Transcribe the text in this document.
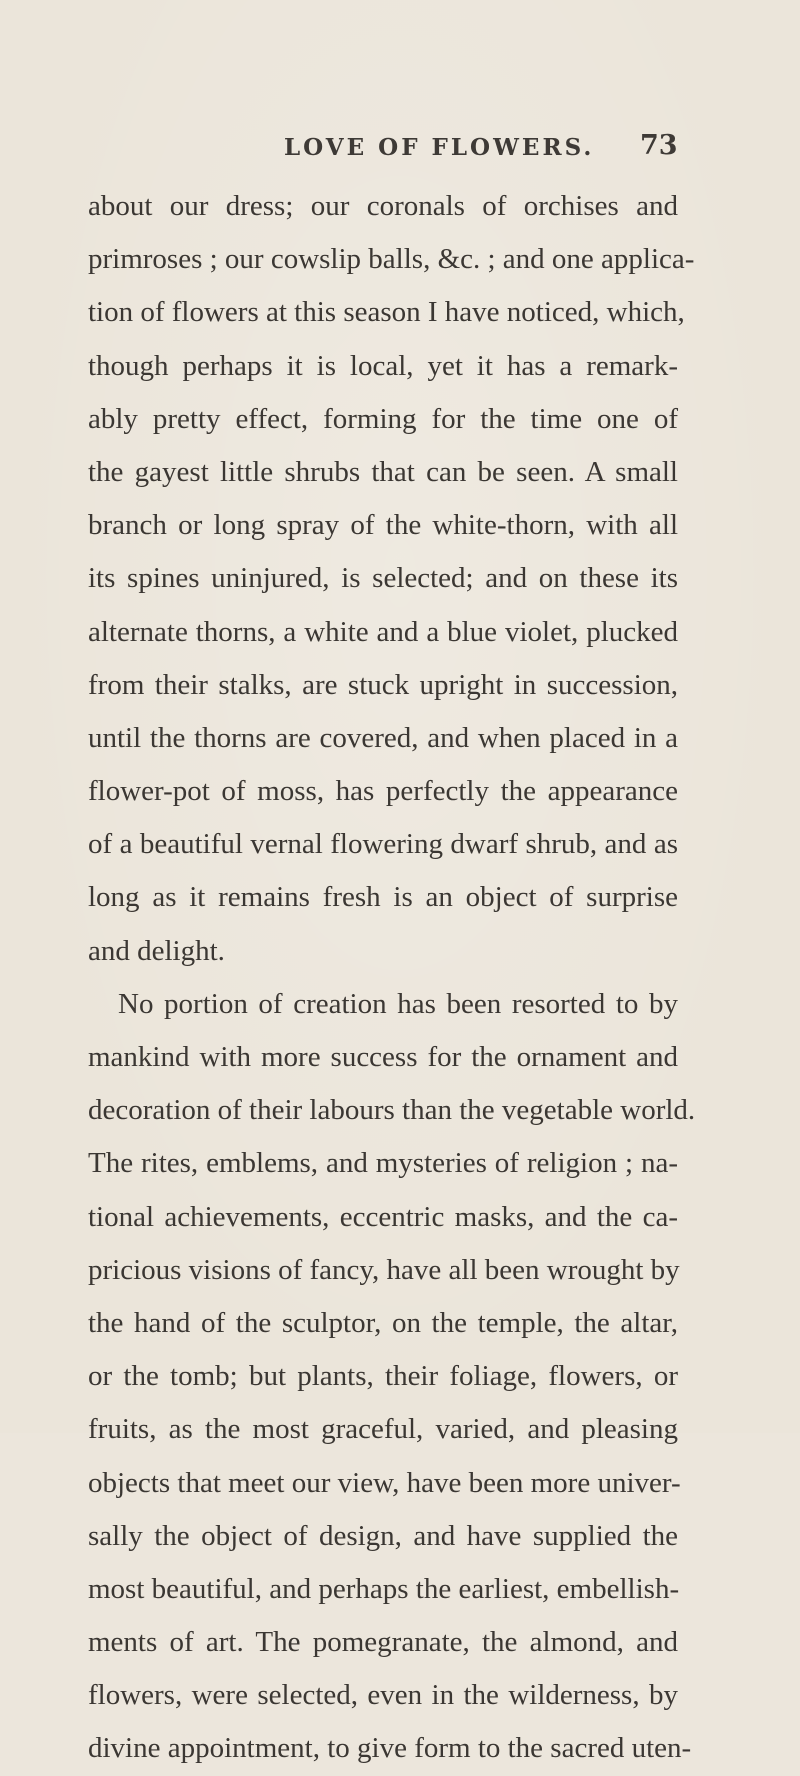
LOVE OF FLOWERS. 73
about our dress; our coronals of orchises and
primroses ; our cowslip balls, &c. ; and one applica-
tion of flowers at this season I have noticed, which,
though perhaps it is local, yet it has a remark-
ably pretty effect, forming for the time one of
the gayest little shrubs that can be seen. A small
branch or long spray of the white-thorn, with all
its spines uninjured, is selected; and on these its
alternate thorns, a white and a blue violet, plucked
from their stalks, are stuck upright in succession,
until the thorns are covered, and when placed in a
flower-pot of moss, has perfectly the appearance
of a beautiful vernal flowering dwarf shrub, and as
long as it remains fresh is an object of surprise
and delight.
No portion of creation has been resorted to by
mankind with more success for the ornament and
decoration of their labours than the vegetable world.
The rites, emblems, and mysteries of religion ; na-
tional achievements, eccentric masks, and the ca-
pricious visions of fancy, have all been wrought by
the hand of the sculptor, on the temple, the altar,
or the tomb; but plants, their foliage, flowers, or
fruits, as the most graceful, varied, and pleasing
objects that meet our view, have been more univer-
sally the object of design, and have supplied the
most beautiful, and perhaps the earliest, embellish-
ments of art. The pomegranate, the almond, and
flowers, were selected, even in the wilderness, by
divine appointment, to give form to the sacred uten-
